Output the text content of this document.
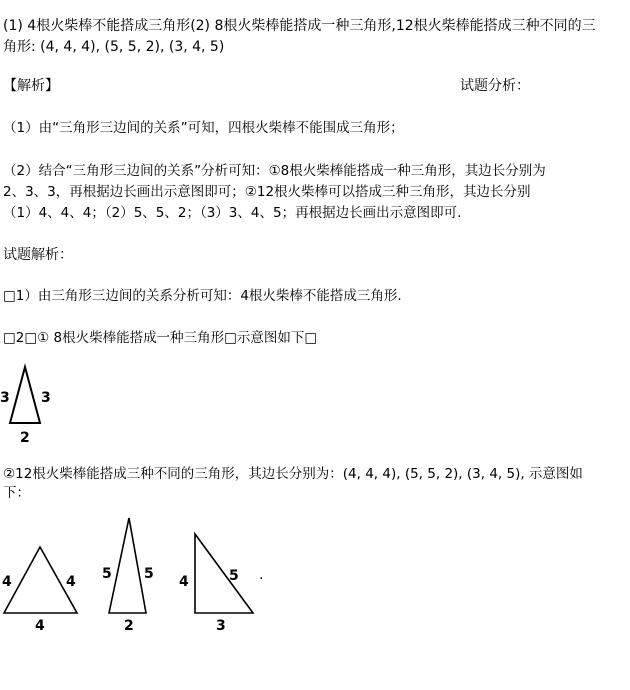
(1) 4根火柴棒不能搭成三角形(2) 8根火柴棒能搭成一种三角形,12根火柴棒能搭成三种不同的三
角形: (4, 4, 4), (5, 5, 2), (3, 4, 5)
【解析】	试题分析：
（1）由“三角形三边间的关系”可知，四根火柴棒不能围成三角形；
（2）结合“三角形三边间的关系”分析可知：①8根火柴棒能搭成一种三角形，其边长分别为
2、3、3，再根据边长画出示意图即可；②12根火柴棒可以搭成三种三角形，其边长分别
（1）4、4、4；（2）5、5、2；（3）3、4、5；再根据边长画出示意图即可.
试题解析：
□1）由三角形三边间的关系分析可知：4根火柴棒不能搭成三角形.
□2□① 8根火柴棒能搭成一种三角形□示意图如下□
3 3
2
②12根火柴棒能搭成三种不同的三角形，其边长分别为：(4, 4, 4), (5, 5, 2), (3, 4, 5), 示意图如
下：
4	4
4
5 5
2
4	5
3
.
